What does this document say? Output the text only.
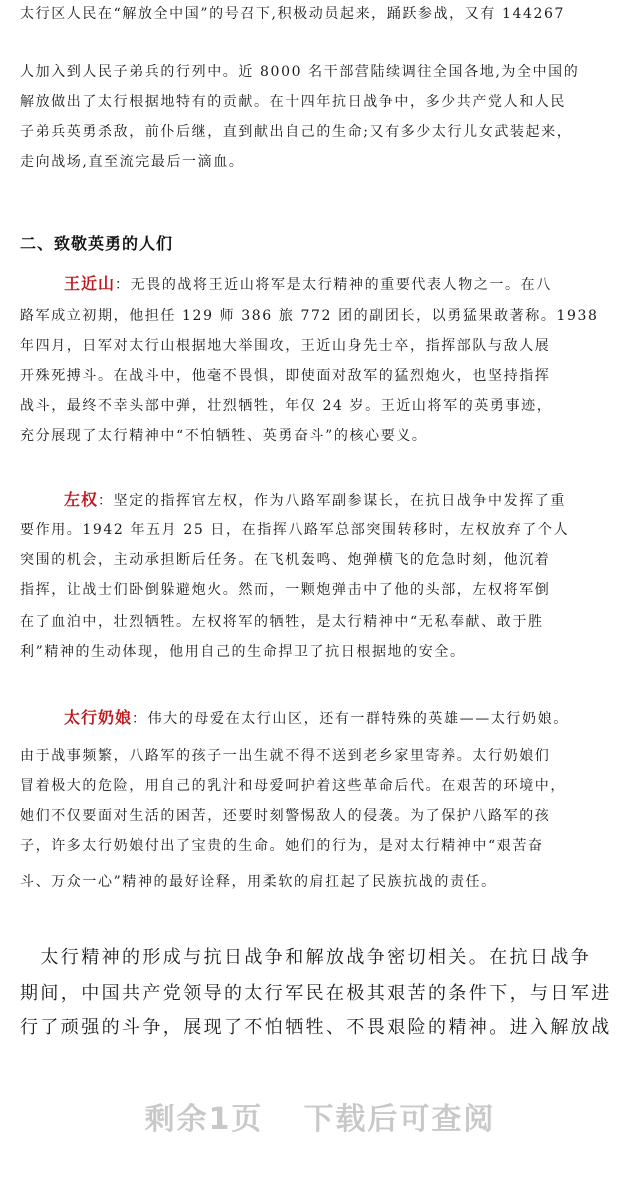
太行区人民在“解放全中国”的号召下,积极动员起来，踊跃参战，又有 144267
人加入到人民子弟兵的行列中。近 8000 名干部营陆续调往全国各地,为全中国的
解放做出了太行根据地特有的贡献。在十四年抗日战争中，多少共产党人和人民
子弟兵英勇杀敌，前仆后继，直到献出自己的生命;又有多少太行儿女武装起来，
走向战场,直至流完最后一滴血。
二、致敬英勇的人们
王近山：无畏的战将王近山将军是太行精神的重要代表人物之一。在八
路军成立初期，他担任 129 师 386 旅 772 团的副团长，以勇猛果敢著称。1938
年四月，日军对太行山根据地大举围攻，王近山身先士卒，指挥部队与敌人展
开殊死搏斗。在战斗中，他毫不畏惧，即使面对敌军的猛烈炮火，也坚持指挥
战斗，最终不幸头部中弹，壮烈牺牲，年仅 24 岁。王近山将军的英勇事迹，
充分展现了太行精神中“不怕牺牲、英勇奋斗”的核心要义。
左权：坚定的指挥官左权，作为八路军副参谋长，在抗日战争中发挥了重
要作用。1942 年五月 25 日，在指挥八路军总部突围转移时，左权放弃了个人
突围的机会，主动承担断后任务。在飞机轰鸣、炮弹横飞的危急时刻，他沉着
指挥，让战士们卧倒躲避炮火。然而，一颗炮弹击中了他的头部，左权将军倒
在了血泊中，壮烈牺牲。左权将军的牺牲，是太行精神中“无私奉献、敢于胜
利”精神的生动体现，他用自己的生命捍卫了抗日根据地的安全。
太行奶娘：伟大的母爱在太行山区，还有一群特殊的英雄——太行奶娘。
由于战事频繁，八路军的孩子一出生就不得不送到老乡家里寄养。太行奶娘们
冒着极大的危险，用自己的乳汁和母爱呵护着这些革命后代。在艰苦的环境中，
她们不仅要面对生活的困苦，还要时刻警惕敌人的侵袭。为了保护八路军的孩
子，许多太行奶娘付出了宝贵的生命。她们的行为，是对太行精神中“艰苦奋
斗、万众一心”精神的最好诠释，用柔软的肩扛起了民族抗战的责任。
　太行精神的形成与抗日战争和解放战争密切相关。在抗日战争
期间，中国共产党领导的太行军民在极其艰苦的条件下，与日军进
行了顽强的斗争，展现了不怕牺牲、不畏艰险的精神。进入解放战
剩余1页 下载后可查阅
